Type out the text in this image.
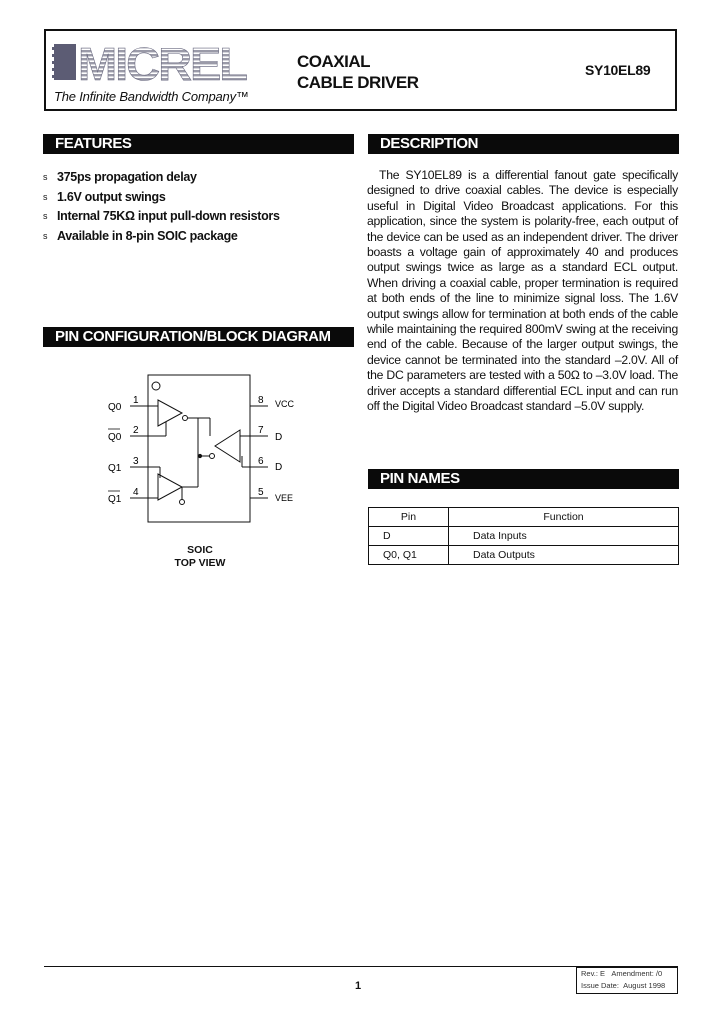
MICREL
The Infinite Bandwidth Company™
COAXIAL
CABLE DRIVER
SY10EL89
FEATURES
s 375ps propagation delay
s 1.6V output swings
s Internal 75KΩ input pull-down resistors
s Available in 8-pin SOIC package
DESCRIPTION

The SY10EL89 is a differential fanout gate specifically designed to drive coaxial cables. The device is especially useful in Digital Video Broadcast applications. For this application, since the system is polarity-free, each output of the device can be used as an independent driver. The driver boasts a voltage gain of approximately 40 and produces output swings twice as large as a standard ECL output. When driving a coaxial cable, proper termination is required at both ends of the line to minimize signal loss. The 1.6V output swings allow for termination at both ends of the cable while maintaining the required 800mV swing at the receiving end of the cable. Because of the larger output swings, the device cannot be terminated into the standard –2.0V. All of the DC parameters are tested with a 50Ω to –3.0V load. The driver accepts a standard differential ECL input and can run off the Digital Video Broadcast standard –5.0V supply.

PIN CONFIGURATION/BLOCK DIAGRAM
Q0
Q0
Q1
Q1
1
2
3
4
8
7
6
5
VCC
D
D
VEE
SOIC
TOP VIEW
PIN NAMES
Pin	Function
D	Data Inputs
Q0, Q1	Data Outputs
1
Rev.: E Amendment: /0
Issue Date: August 1998
